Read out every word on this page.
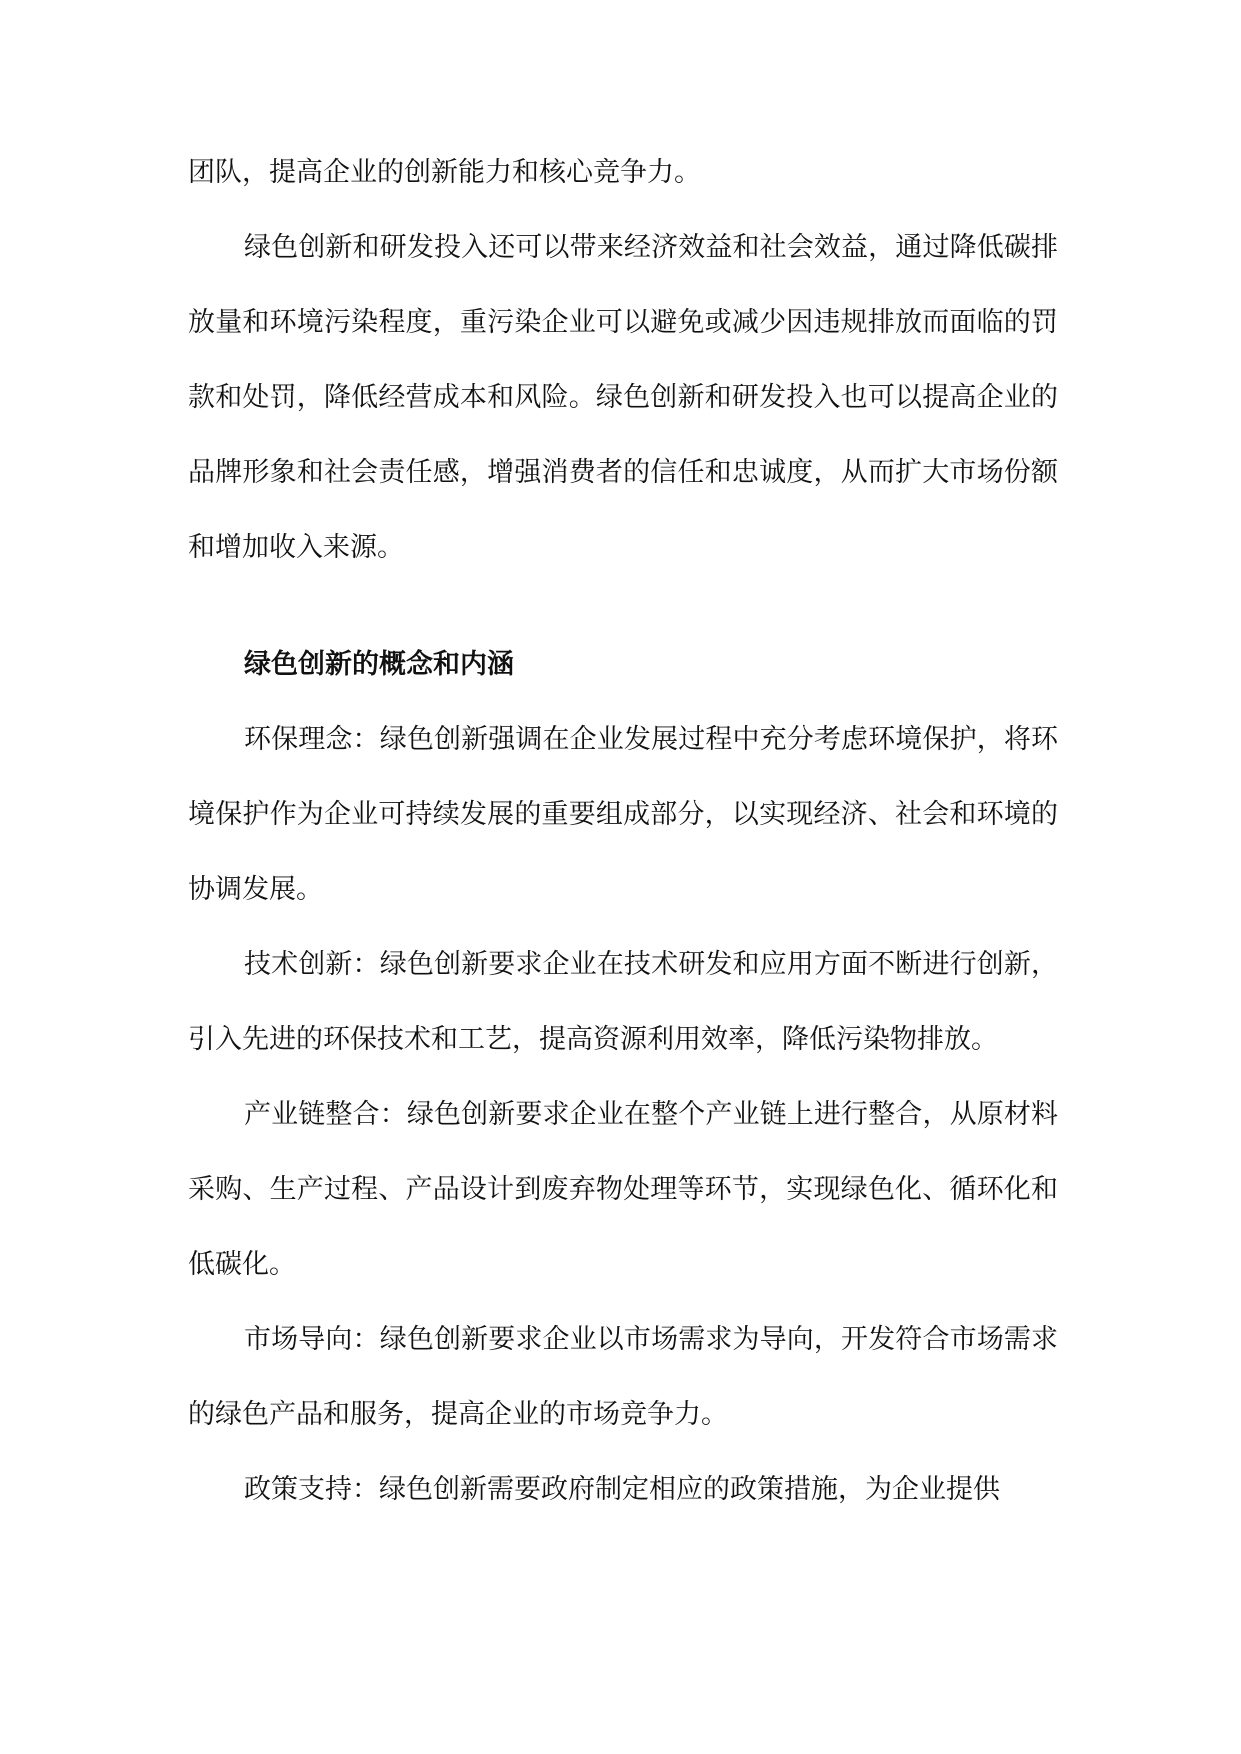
团队，提高企业的创新能力和核心竞争力。

绿色创新和研发投入还可以带来经济效益和社会效益，通过降低碳排放量和环境污染程度，重污染企业可以避免或减少因违规排放而面临的罚款和处罚，降低经营成本和风险。绿色创新和研发投入也可以提高企业的品牌形象和社会责任感，增强消费者的信任和忠诚度，从而扩大市场份额和增加收入来源。

绿色创新的概念和内涵

环保理念：绿色创新强调在企业发展过程中充分考虑环境保护，将环境保护作为企业可持续发展的重要组成部分，以实现经济、社会和环境的协调发展。

技术创新：绿色创新要求企业在技术研发和应用方面不断进行创新，引入先进的环保技术和工艺，提高资源利用效率，降低污染物排放。

产业链整合：绿色创新要求企业在整个产业链上进行整合，从原材料采购、生产过程、产品设计到废弃物处理等环节，实现绿色化、循环化和低碳化。

市场导向：绿色创新要求企业以市场需求为导向，开发符合市场需求的绿色产品和服务，提高企业的市场竞争力。

政策支持：绿色创新需要政府制定相应的政策措施，为企业提供
